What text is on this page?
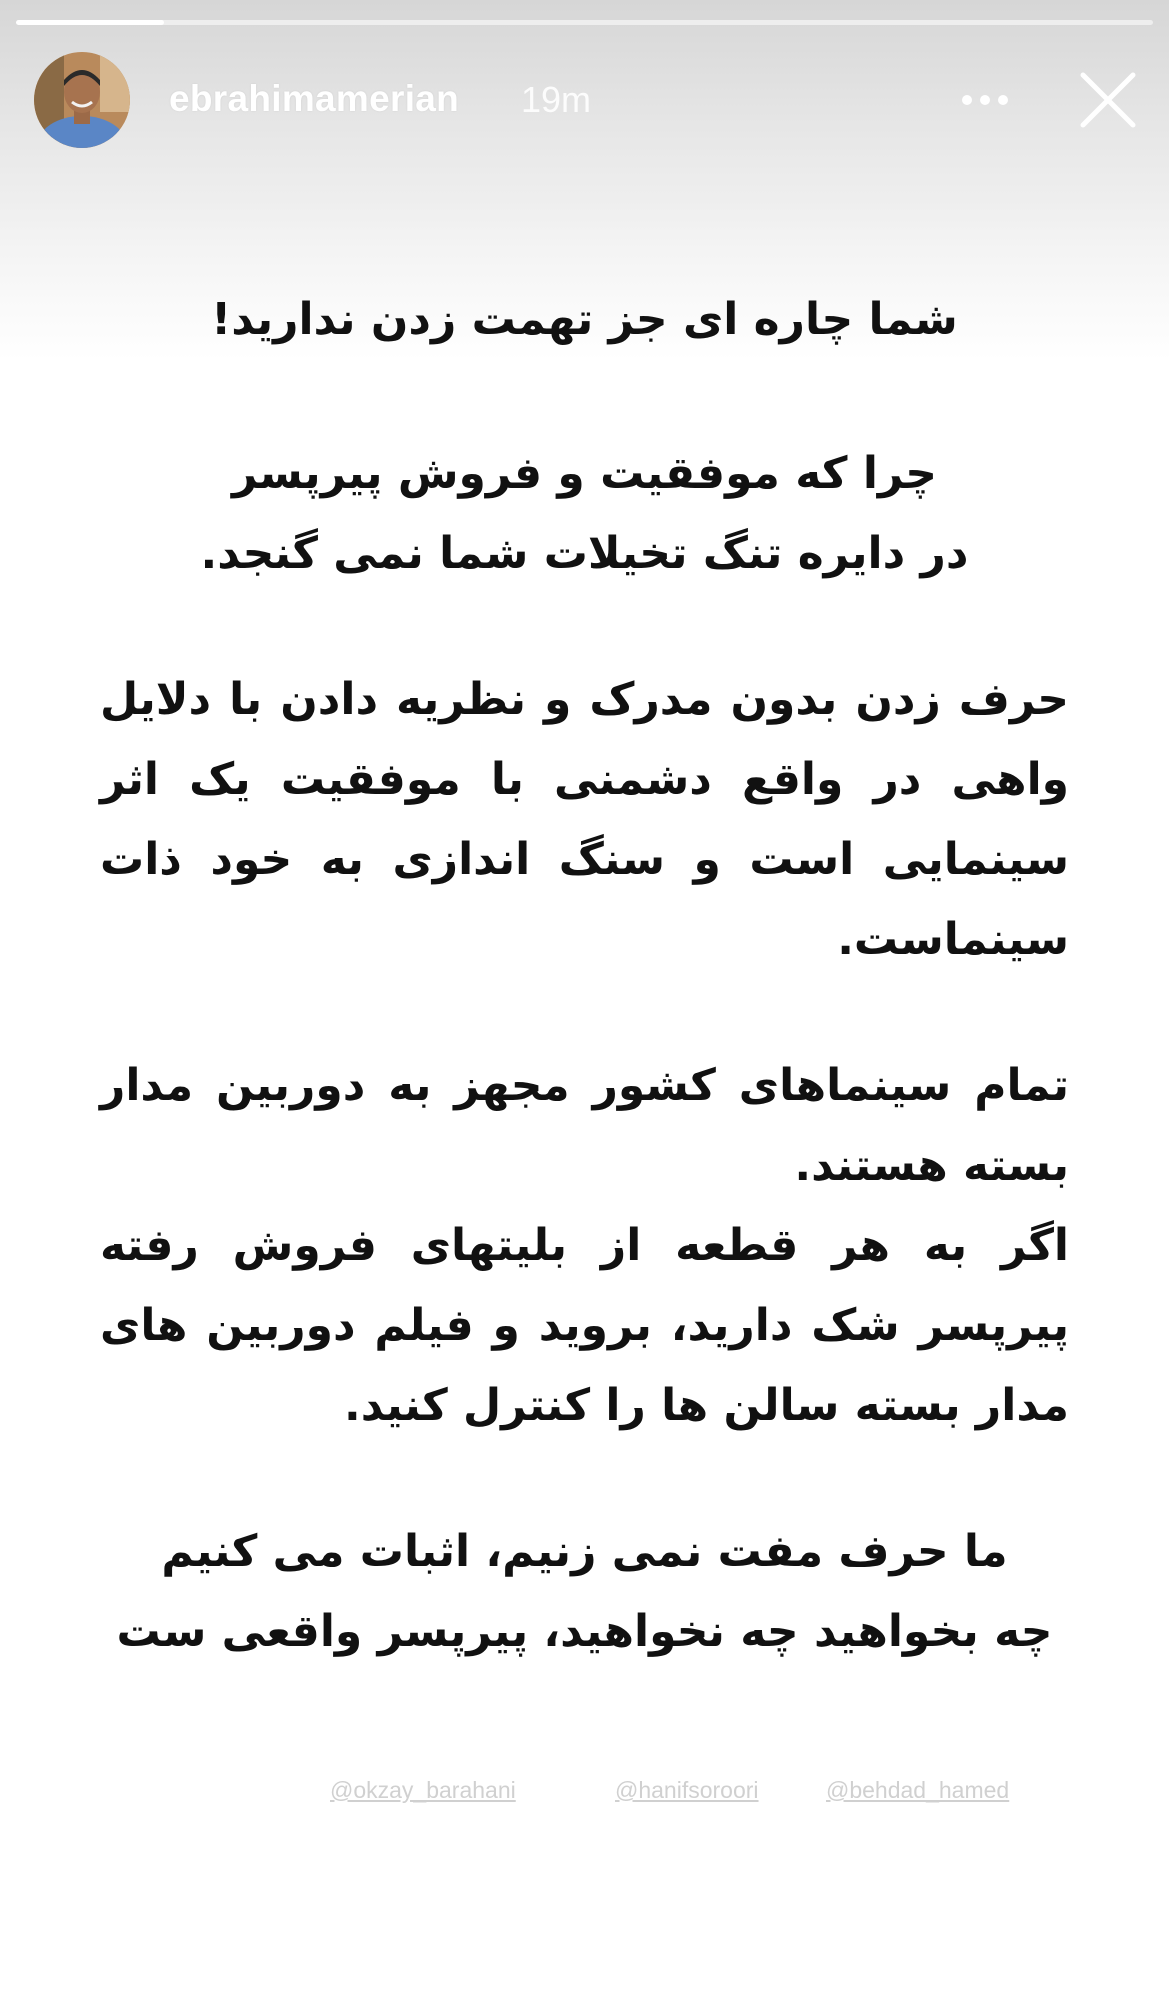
ebrahimamerian 19m

شما چاره ای جز تهمت زدن ندارید!

چرا که موفقیت و فروش پیرپسر

در دایره تنگ تخیلات شما نمی گنجد.

حرف زدن بدون مدرک و نظریه دادن با دلایل واهی در واقع دشمنی با موفقیت یک اثر سینمایی است و سنگ اندازی به خود ذات سینماست.

تمام سینماهای کشور مجهز به دوربین مدار بسته هستند.

اگر به هر قطعه از بلیتهای فروش رفته پیرپسر شک دارید، بروید و فیلم دوربین های مدار بسته سالن ها را کنترل کنید.

ما حرف مفت نمی زنیم، اثبات می کنیم

چه بخواهید چه نخواهید، پیرپسر واقعی ست

@okzay_barahani	@hanifsoroori	@behdad_hamed
